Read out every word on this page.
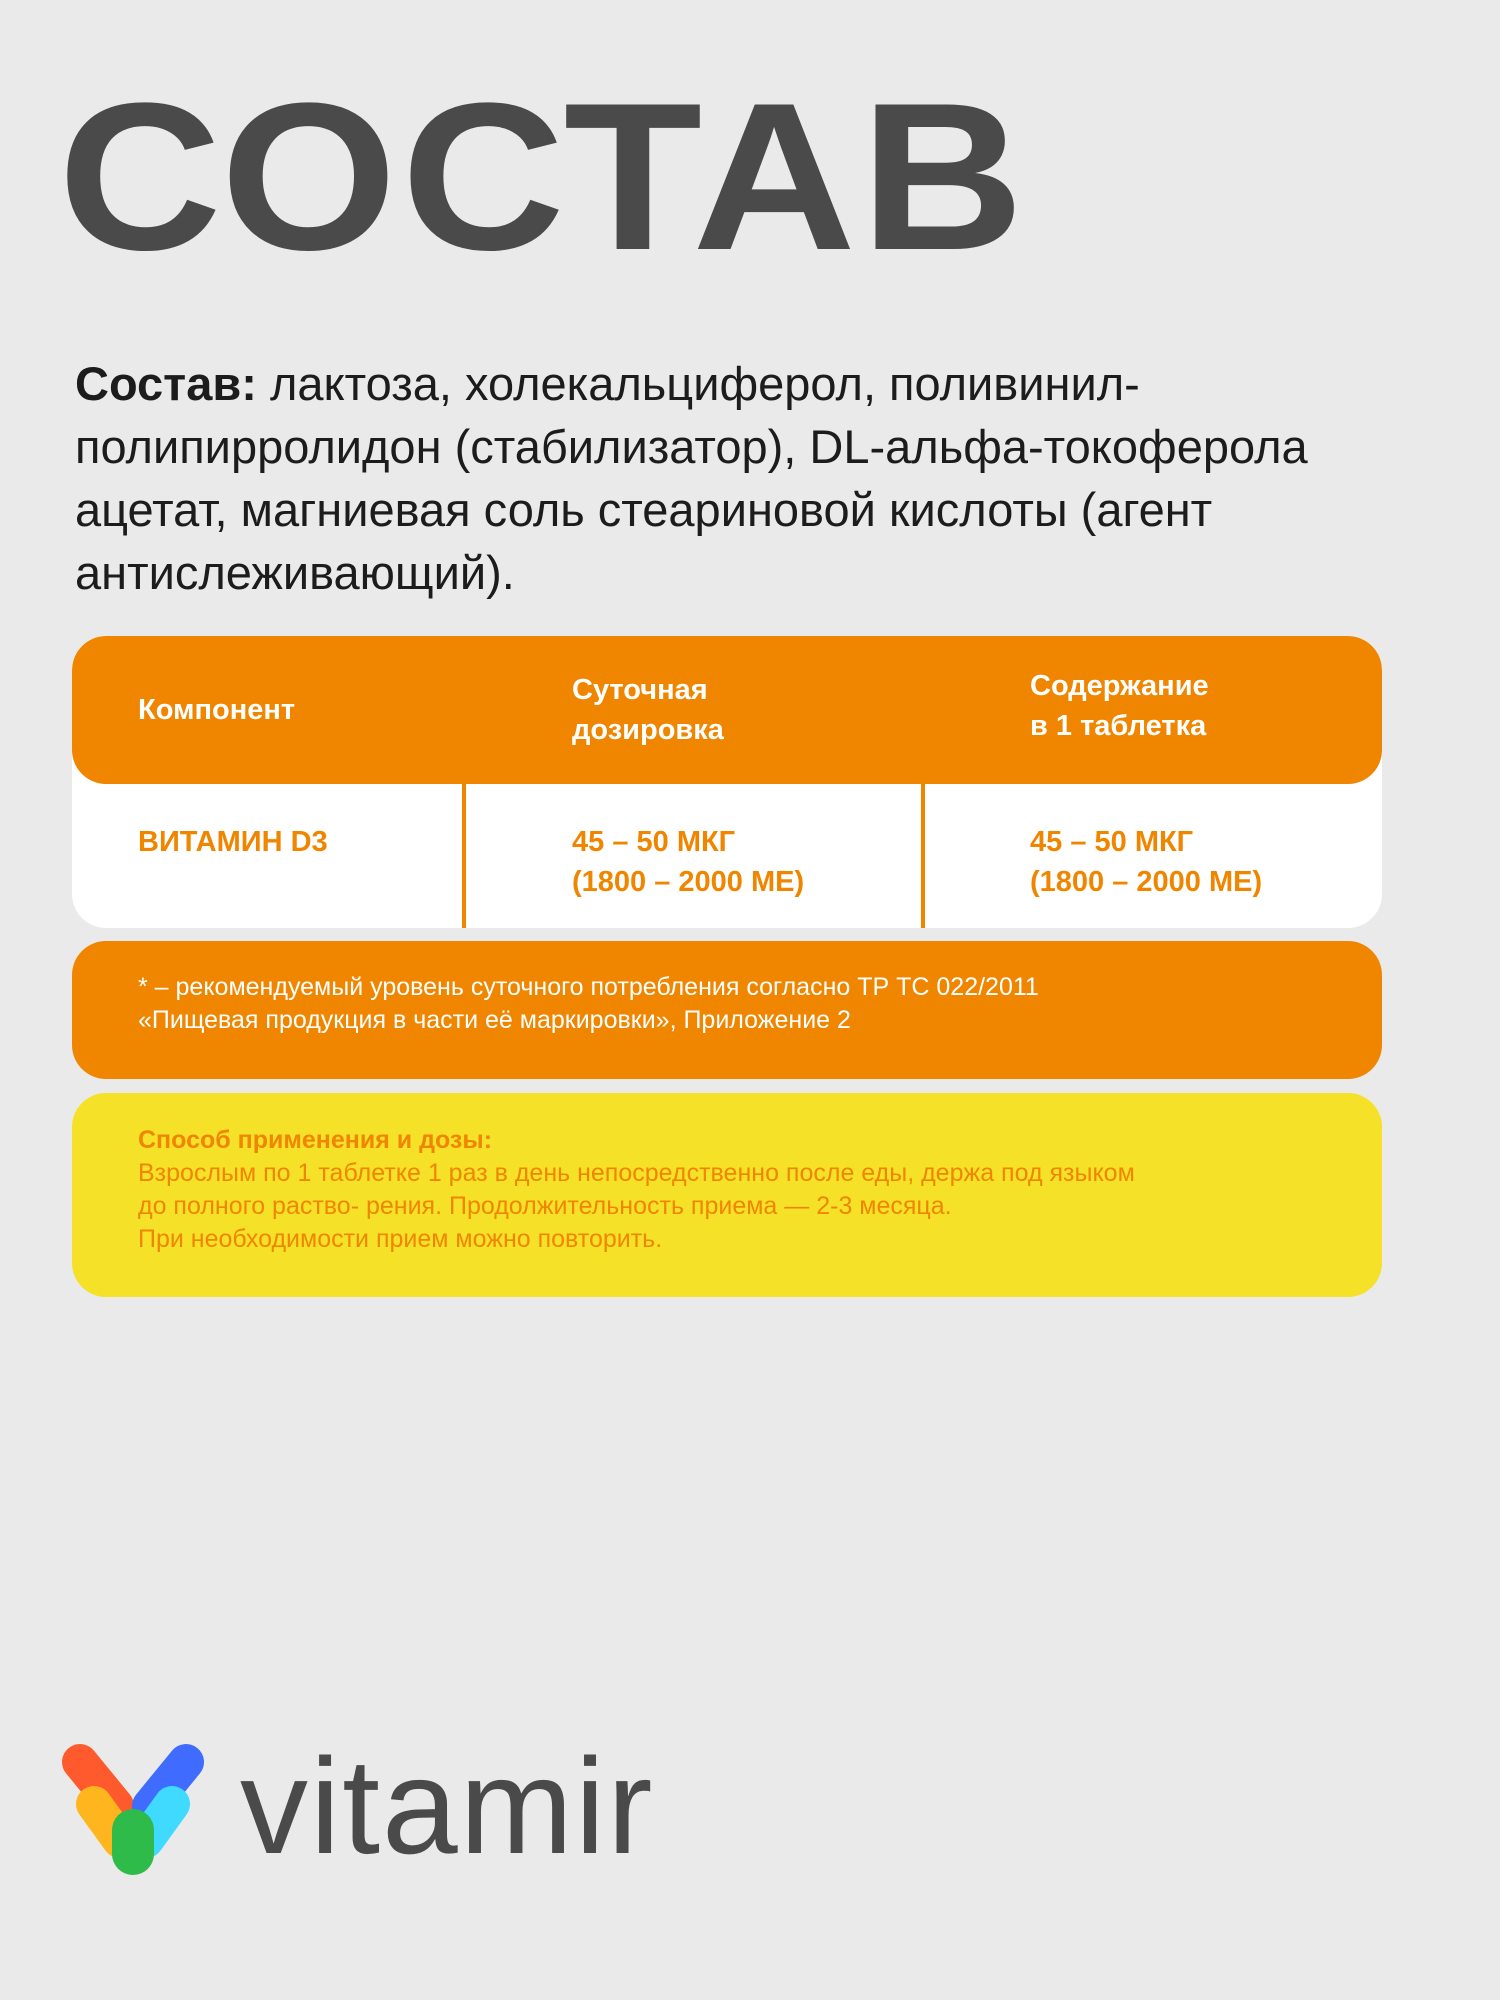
СОСТАВ
Состав: лактоза, холекальциферол, поливинил-
полипирролидон (стабилизатор), DL-альфа-токоферола
ацетат, магниевая соль стеариновой кислоты (агент
антислеживающий).
Компонент
Суточная
дозировка
Содержание
в 1 таблетка
ВИТАМИН D3	45 – 50 МКГ
(1800 – 2000 МЕ)
45 – 50 МКГ
(1800 – 2000 МЕ)
* – рекомендуемый уровень суточного потребления согласно ТР ТС 022/2011
«Пищевая продукция в части её маркировки», Приложение 2
Способ применения и дозы:
Взрослым по 1 таблетке 1 раз в день непосредственно после еды, держа под языком
до полного раство- рения. Продолжительность приема — 2-3 месяца.
При необходимости прием можно повторить.
vitamir
